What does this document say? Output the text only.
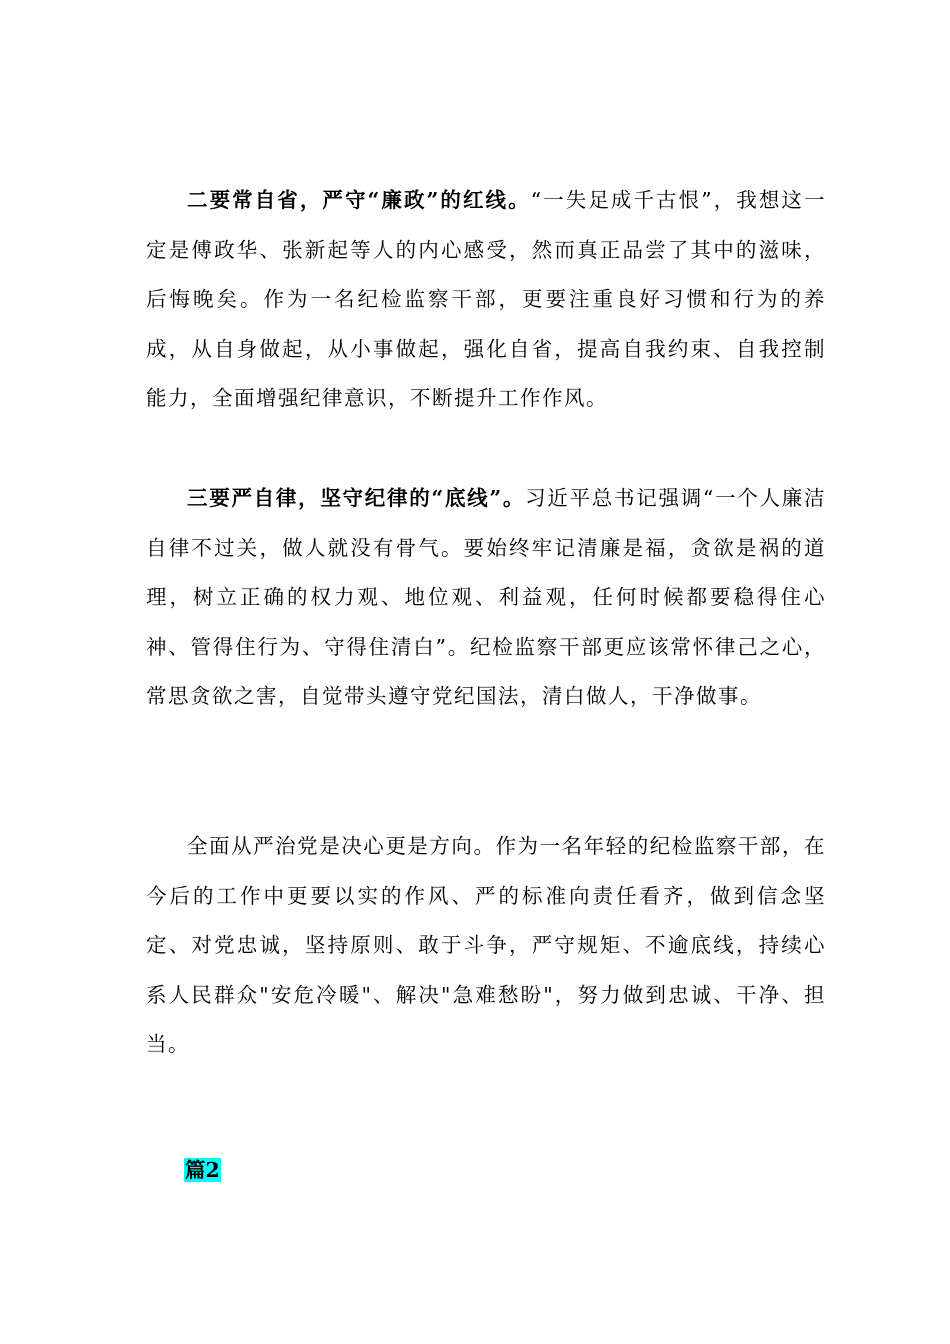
二要常自省，严守“廉政”的红线。“一失足成千古恨”，我想这一定是傅政华、张新起等人的内心感受，然而真正品尝了其中的滋味，后悔晚矣。作为一名纪检监察干部，更要注重良好习惯和行为的养成，从自身做起，从小事做起，强化自省，提高自我约束、自我控制能力，全面增强纪律意识，不断提升工作作风。

三要严自律，坚守纪律的“底线”。习近平总书记强调“一个人廉洁自律不过关，做人就没有骨气。要始终牢记清廉是福，贪欲是祸的道理，树立正确的权力观、地位观、利益观，任何时候都要稳得住心神、管得住行为、守得住清白”。纪检监察干部更应该常怀律己之心，常思贪欲之害，自觉带头遵守党纪国法，清白做人，干净做事。

全面从严治党是决心更是方向。作为一名年轻的纪检监察干部，在今后的工作中更要以实的作风、严的标准向责任看齐，做到信念坚定、对党忠诚，坚持原则、敢于斗争，严守规矩、不逾底线，持续心系人民群众"安危冷暖"、解决"急难愁盼"，努力做到忠诚、干净、担当。

篇2
